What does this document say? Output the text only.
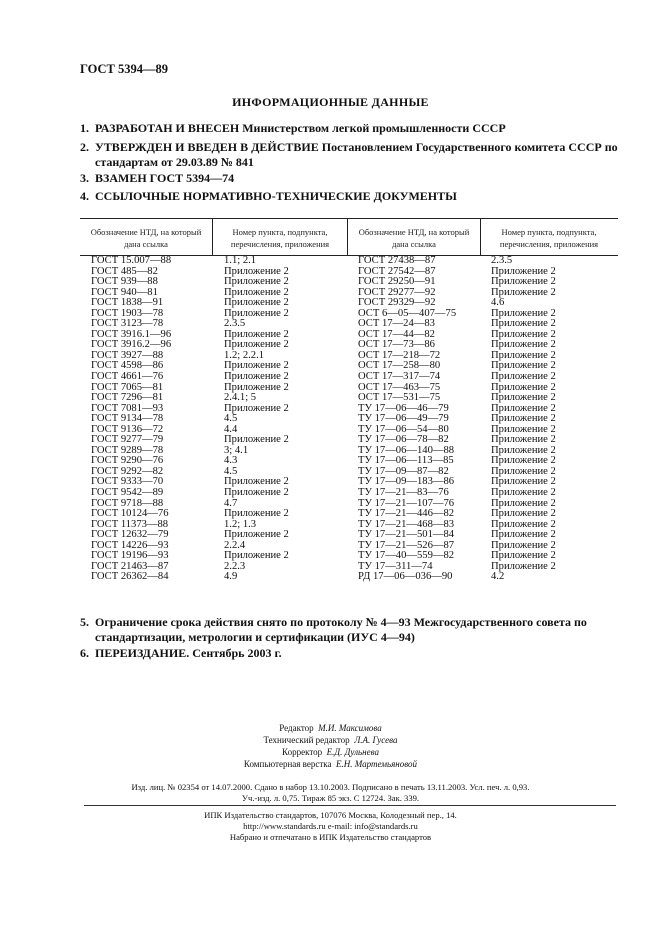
ГОСТ 5394—89
ИНФОРМАЦИОННЫЕ ДАННЫЕ
1. РАЗРАБОТАН И ВНЕСЕН Министерством легкой промышленности СССР
2. УТВЕРЖДЕН И ВВЕДЕН В ДЕЙСТВИЕ Постановлением Государственного комитета СССР по стандартам от 29.03.89 № 841
3. ВЗАМЕН ГОСТ 5394—74
4. ССЫЛОЧНЫЕ НОРМАТИВНО-ТЕХНИЧЕСКИЕ ДОКУМЕНТЫ
Обозначение НТД, на который дана ссылка
Номер пункта, подпункта, перечисления, приложения
Обозначение НТД, на который дана ссылка
Номер пункта, подпункта, перечисления, приложения
ГОСТ 15.007—88
ГОСТ 485—82
ГОСТ 939—88
ГОСТ 940—81
ГОСТ 1838—91
ГОСТ 1903—78
ГОСТ 3123—78
ГОСТ 3916.1—96
ГОСТ 3916.2—96
ГОСТ 3927—88
ГОСТ 4598—86
ГОСТ 4661—76
ГОСТ 7065—81
ГОСТ 7296—81
ГОСТ 7081—93
ГОСТ 9134—78
ГОСТ 9136—72
ГОСТ 9277—79
ГОСТ 9289—78
ГОСТ 9290—76
ГОСТ 9292—82
ГОСТ 9333—70
ГОСТ 9542—89
ГОСТ 9718—88
ГОСТ 10124—76
ГОСТ 11373—88
ГОСТ 12632—79
ГОСТ 14226—93
ГОСТ 19196—93
ГОСТ 21463—87
ГОСТ 26362—84
1.1; 2.1
Приложение 2
Приложение 2
Приложение 2
Приложение 2
Приложение 2
2.3.5
Приложение 2
Приложение 2
1.2; 2.2.1
Приложение 2
Приложение 2
Приложение 2
2.4.1; 5
Приложение 2
4.5
4.4
Приложение 2
3; 4.1
4.3
4.5
Приложение 2
Приложение 2
4.7
Приложение 2
1.2; 1.3
Приложение 2
2.2.4
Приложение 2
2.2.3
4.9
ГОСТ 27438—87
ГОСТ 27542—87
ГОСТ 29250—91
ГОСТ 29277—92
ГОСТ 29329—92
ОСТ 6—05—407—75
ОСТ 17—24—83
ОСТ 17—44—82
ОСТ 17—73—86
ОСТ 17—218—72
ОСТ 17—258—80
ОСТ 17—317—74
ОСТ 17—463—75
ОСТ 17—531—75
ТУ 17—06—46—79
ТУ 17—06—49—79
ТУ 17—06—54—80
ТУ 17—06—78—82
ТУ 17—06—140—88
ТУ 17—06—113—85
ТУ 17—09—87—82
ТУ 17—09—183—86
ТУ 17—21—83—76
ТУ 17—21—107—76
ТУ 17—21—446—82
ТУ 17—21—468—83
ТУ 17—21—501—84
ТУ 17—21—526—87
ТУ 17—40—559—82
ТУ 17—311—74
РД 17—06—036—90
2.3.5
Приложение 2
Приложение 2
Приложение 2
4.6
Приложение 2
Приложение 2
Приложение 2
Приложение 2
Приложение 2
Приложение 2
Приложение 2
Приложение 2
Приложение 2
Приложение 2
Приложение 2
Приложение 2
Приложение 2
Приложение 2
Приложение 2
Приложение 2
Приложение 2
Приложение 2
Приложение 2
Приложение 2
Приложение 2
Приложение 2
Приложение 2
Приложение 2
Приложение 2
4.2
5. Ограничение срока действия снято по протоколу № 4—93 Межгосударственного совета по стандартизации, метрологии и сертификации (ИУС 4—94)
6. ПЕРЕИЗДАНИЕ. Сентябрь 2003 г.
Редактор М.И. Максимова
Технический редактор Л.А. Гусева
Корректор Е.Д. Дульнева
Компьютерная верстка Е.Н. Мартемьяновой
Изд. лиц. № 02354 от 14.07.2000. Сдано в набор 13.10.2003. Подписано в печать 13.11.2003. Усл. печ. л. 0,93.
Уч.-изд. л. 0,75. Тираж 85 экз. С 12724. Зак. 339.
ИПК Издательство стандартов, 107076 Москва, Колодезный пер., 14.
http://www.standards.ru e-mail: info@standards.ru
Набрано и отпечатано в ИПК Издательство стандартов
